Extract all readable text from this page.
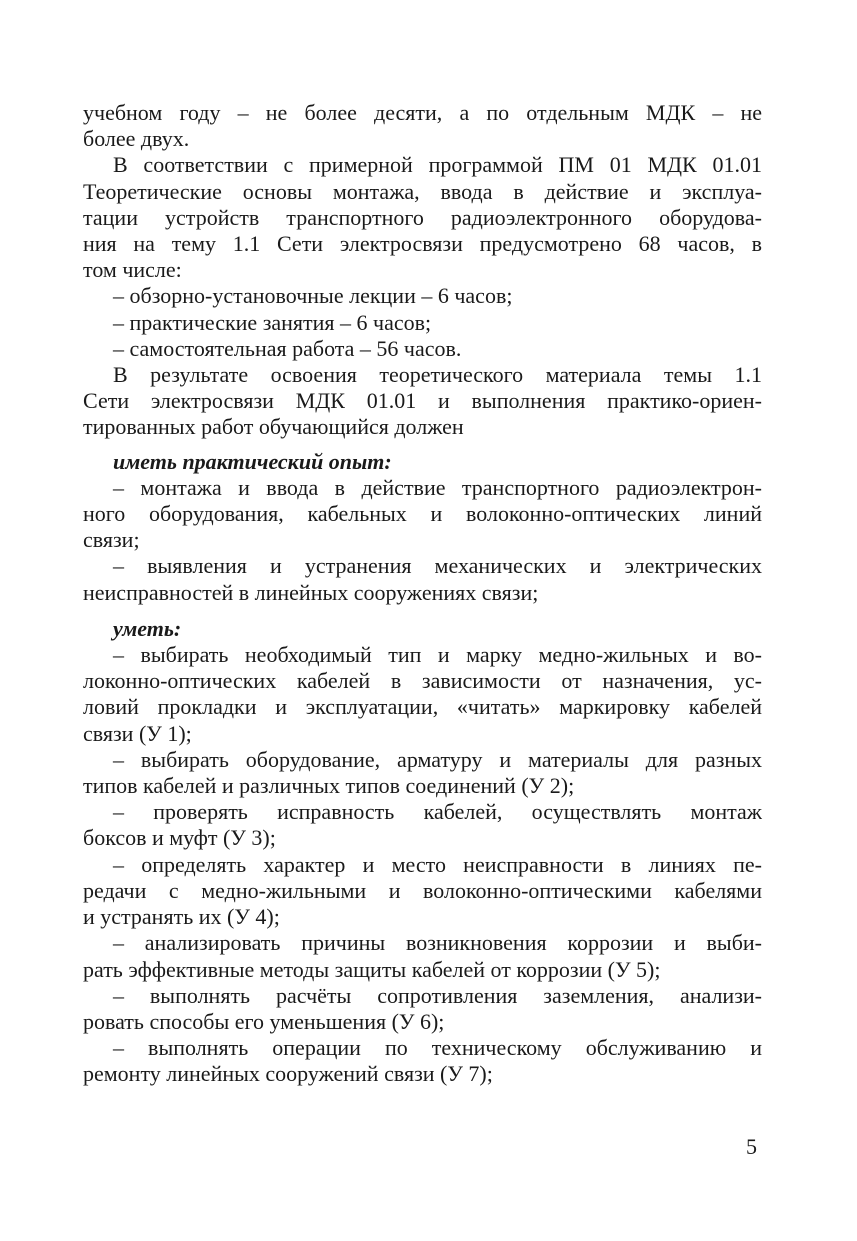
учебном году – не более десяти, а по отдельным МДК – не
более двух.
В соответствии с примерной программой ПМ 01 МДК 01.01
Теоретические основы монтажа, ввода в действие и эксплуа-
тации устройств транспортного радиоэлектронного оборудова-
ния на тему 1.1 Сети электросвязи предусмотрено 68 часов, в
том числе:
– обзорно-установочные лекции – 6 часов;
– практические занятия – 6 часов;
– самостоятельная работа – 56 часов.
В результате освоения теоретического материала темы 1.1
Сети электросвязи МДК 01.01 и выполнения практико-ориен-
тированных работ обучающийся должен
иметь практический опыт:
– монтажа и ввода в действие транспортного радиоэлектрон-
ного оборудования, кабельных и волоконно-оптических линий
связи;
– выявления и устранения механических и электрических
неисправностей в линейных сооружениях связи;
уметь:
– выбирать необходимый тип и марку медно-жильных и во-
локонно-оптических кабелей в зависимости от назначения, ус-
ловий прокладки и эксплуатации, «читать» маркировку кабелей
связи (У 1);
– выбирать оборудование, арматуру и материалы для разных
типов кабелей и различных типов соединений (У 2);
– проверять исправность кабелей, осуществлять монтаж
боксов и муфт (У 3);
– определять характер и место неисправности в линиях пе-
редачи с медно-жильными и волоконно-оптическими кабелями
и устранять их (У 4);
– анализировать причины возникновения коррозии и выби-
рать эффективные методы защиты кабелей от коррозии (У 5);
– выполнять расчёты сопротивления заземления, анализи-
ровать способы его уменьшения (У 6);
– выполнять операции по техническому обслуживанию и
ремонту линейных сооружений связи (У 7);
5
